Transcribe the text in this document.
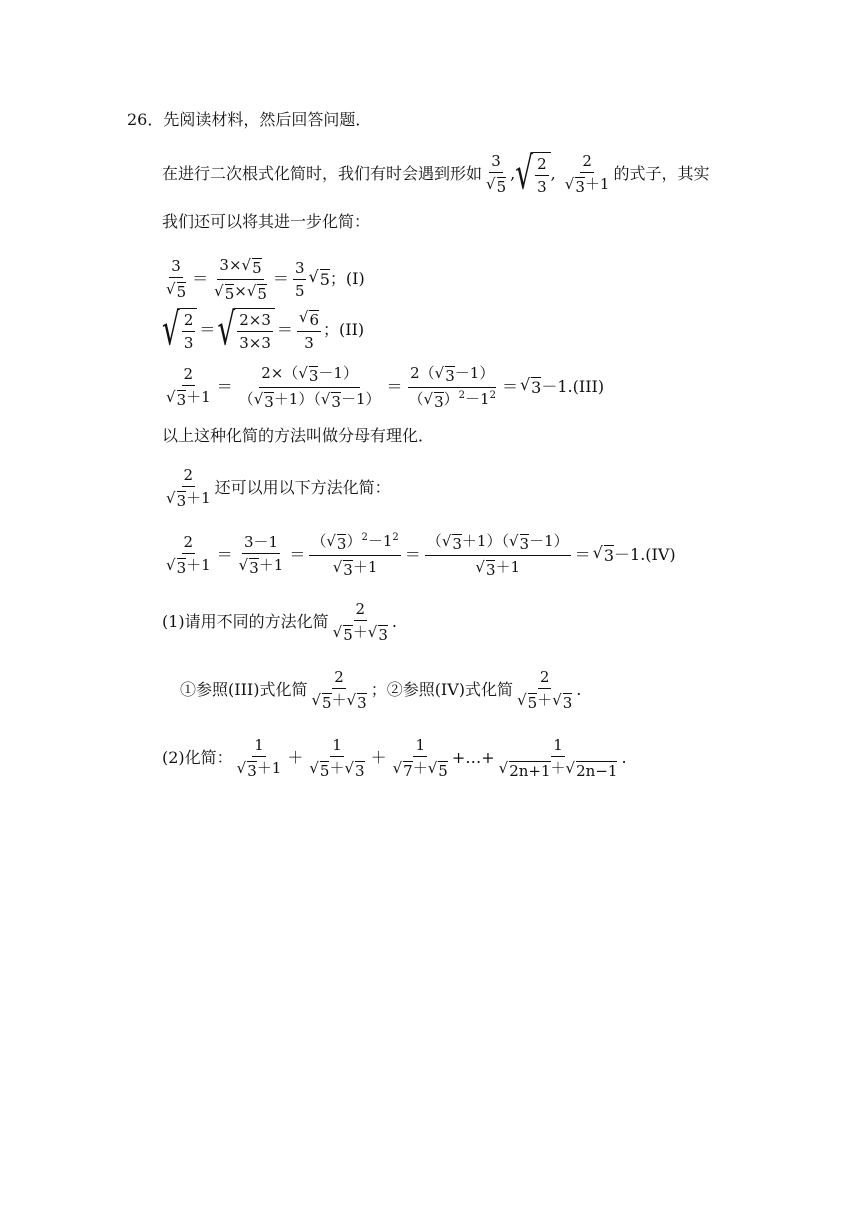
26． 先阅读材料，然后回答问题．
在进行二次根式化简时，我们有时会遇到形如 $\frac{3}{√ 5}$ , √ $\frac{2}{3}$ , $\frac{2}{√ 3 +1}$ 的式子，其实
我们还可以将其进一步化简：
$\frac{3}{√ 5} = \frac{3\times √ 5}{√ 5 \times √ 5} = \frac{3}{5}$ √ 5 ；(I)
√ $\frac{2}{3}$ ＝ √ $\frac{2\times 3}{3\times 3} = \frac{√ 6}{3}$ ；(II)
$\frac{2}{√ 3 +1} = \frac{2\times( √ 3 -1)}{( √ 3 +1)( √ 3 -1)} = \frac{2( √ 3 -1)}{( √ 3 )^2-1^2}$ ＝ √ 3 －1 .(III)
以上这种化简的方法叫做分母有理化．
$\frac{2}{√ 3 +1}$ 还可以用以下方法化简：
$\frac{2}{√ 3 +1} = \frac{3-1}{√ 3 +1} = \frac{( √ 3 )^2-1^2}{√ 3 +1} = \frac{( √ 3 +1)( √ 3 -1)}{√ 3 +1}$ ＝ √ 3 －1 .(IV)
(1)请用不同的方法化简 $\frac{2}{√ 5 + √ 3}$ .
①参照(III)式化简 $\frac{2}{√ 5 + √ 3}$ ；②参照(IV)式化简 $\frac{2}{√ 5 + √ 3}$ .
(2)化简： $\frac{1}{√ 3 +1} + \frac{1}{√ 5 + √ 3} + \frac{1}{√ 7 + √ 5}$ +…+ $\frac{1}{√ 2n+1 + √ 2n-1}$ .
